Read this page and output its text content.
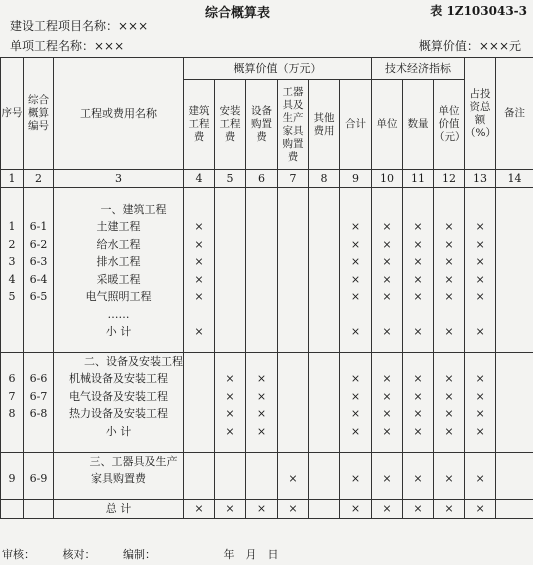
综合概算表	表 1Z103043-3
建设工程项目名称：×××
单项工程名称：×××	概算价值：×××元
序号	综合概算编号	工程或费用名称	概算价值（万元）						技术经济指标			占投资总额（%）	备注
			建筑工程费	安装工程费	设备购置费	工器具及生产家具购置费	其他费用	合计	单位	数量	单位价值（元）		
1	2	3	4	5	6	7	8	9	10	11	12	13	14

		一、建筑工程											
1	6-1	土建工程	×					×	×	×	×	×	
2	6-2	给水工程	×					×	×	×	×	×	
3	6-3	排水工程	×					×	×	×	×	×	
4	6-4	采暖工程	×					×	×	×	×	×	
5	6-5	电气照明工程	×					×	×	×	×	×	
		……											
		小 计	×					×	×	×	×	×	

		二、设备及安装工程											
6	6-6	机械设备及安装工程		×	×			×	×	×	×	×	
7	6-7	电气设备及安装工程		×	×			×	×	×	×	×	
8	6-8	热力设备及安装工程		×	×			×	×	×	×	×	
		小 计		×	×			×	×	×	×	×	

		三、工器具及生产											
9	6-9	家具购置费				×		×	×	×	×	×	

		总 计	×	×	×	×		×	×	×	×	×	
审核：	核对：	编制：	年　月　日
